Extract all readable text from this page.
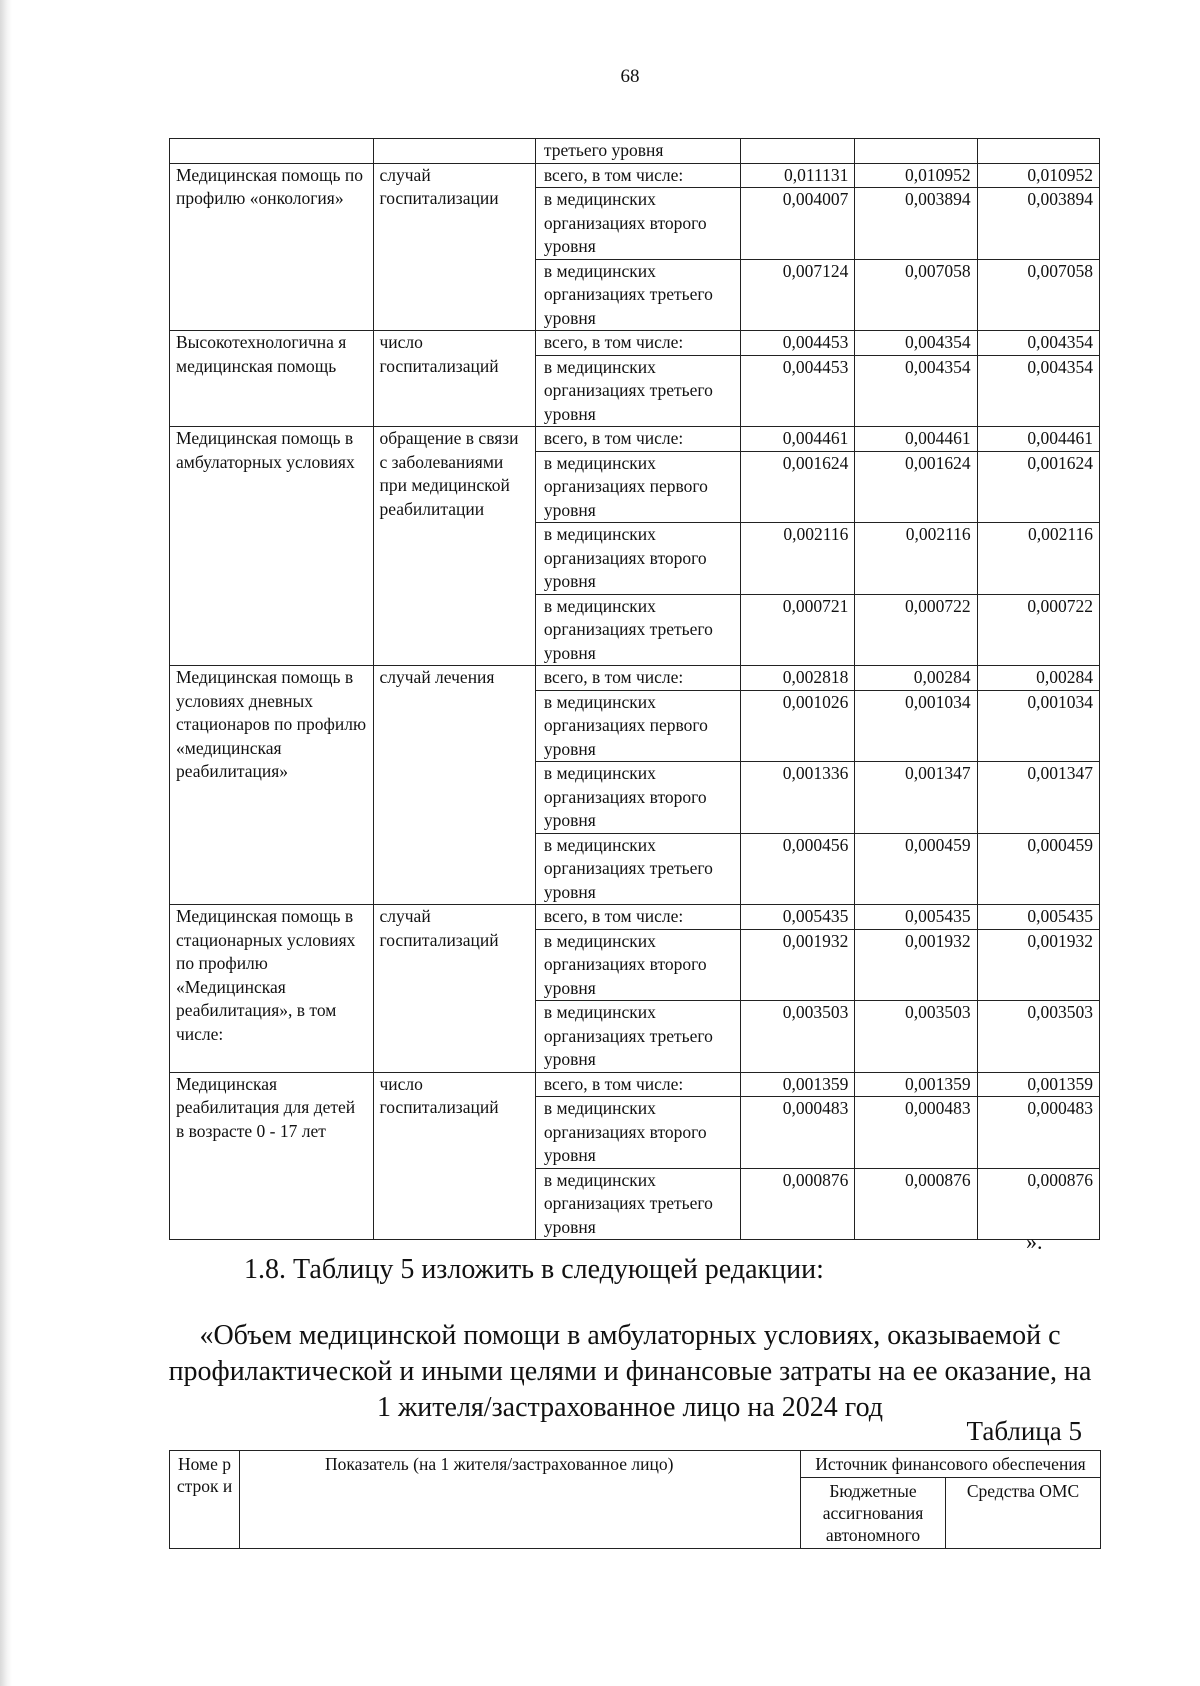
68
		третьего уровня			
Медицинская помощь по профилю «онкология»	случай госпитализации	всего, в том числе:	0,011131	0,010952	0,010952
		в медицинских организациях второго уровня	0,004007	0,003894	0,003894
		в медицинских организациях третьего уровня	0,007124	0,007058	0,007058
Высокотехнологична я медицинская помощь	число госпитализаций	всего, в том числе:	0,004453	0,004354	0,004354
		в медицинских организациях третьего уровня	0,004453	0,004354	0,004354
Медицинская помощь в амбулаторных условиях	обращение в связи с заболеваниями при медицинской реабилитации	всего, в том числе:	0,004461	0,004461	0,004461
		в медицинских организациях первого уровня	0,001624	0,001624	0,001624
		в медицинских организациях второго уровня	0,002116	0,002116	0,002116
		в медицинских организациях третьего уровня	0,000721	0,000722	0,000722
Медицинская помощь в условиях дневных стационаров по профилю «медицинская реабилитация»	случай лечения	всего, в том числе:	0,002818	0,00284	0,00284
		в медицинских организациях первого уровня	0,001026	0,001034	0,001034
		в медицинских организациях второго уровня	0,001336	0,001347	0,001347
		в медицинских организациях третьего уровня	0,000456	0,000459	0,000459
Медицинская помощь в стационарных условиях по профилю «Медицинская реабилитация», в том числе:	случай госпитализаций	всего, в том числе:	0,005435	0,005435	0,005435
		в медицинских организациях второго уровня	0,001932	0,001932	0,001932
		в медицинских организациях третьего уровня	0,003503	0,003503	0,003503
Медицинская реабилитация для детей в возрасте 0 - 17 лет	число госпитализаций	всего, в том числе:	0,001359	0,001359	0,001359
		в медицинских организациях второго уровня	0,000483	0,000483	0,000483
		в медицинских организациях третьего уровня	0,000876	0,000876	0,000876
».
1.8. Таблицу 5 изложить в следующей редакции:
«Объем медицинской помощи в амбулаторных условиях, оказываемой с профилактической и иными целями и финансовые затраты на ее оказание, на 1 жителя/застрахованное лицо на 2024 год
Таблица 5
Номе р строк и	Показатель (на 1 жителя/застрахованное лицо)	Источник финансового обеспечения	
		Бюджетные ассигнования автономного	Средства ОМС
